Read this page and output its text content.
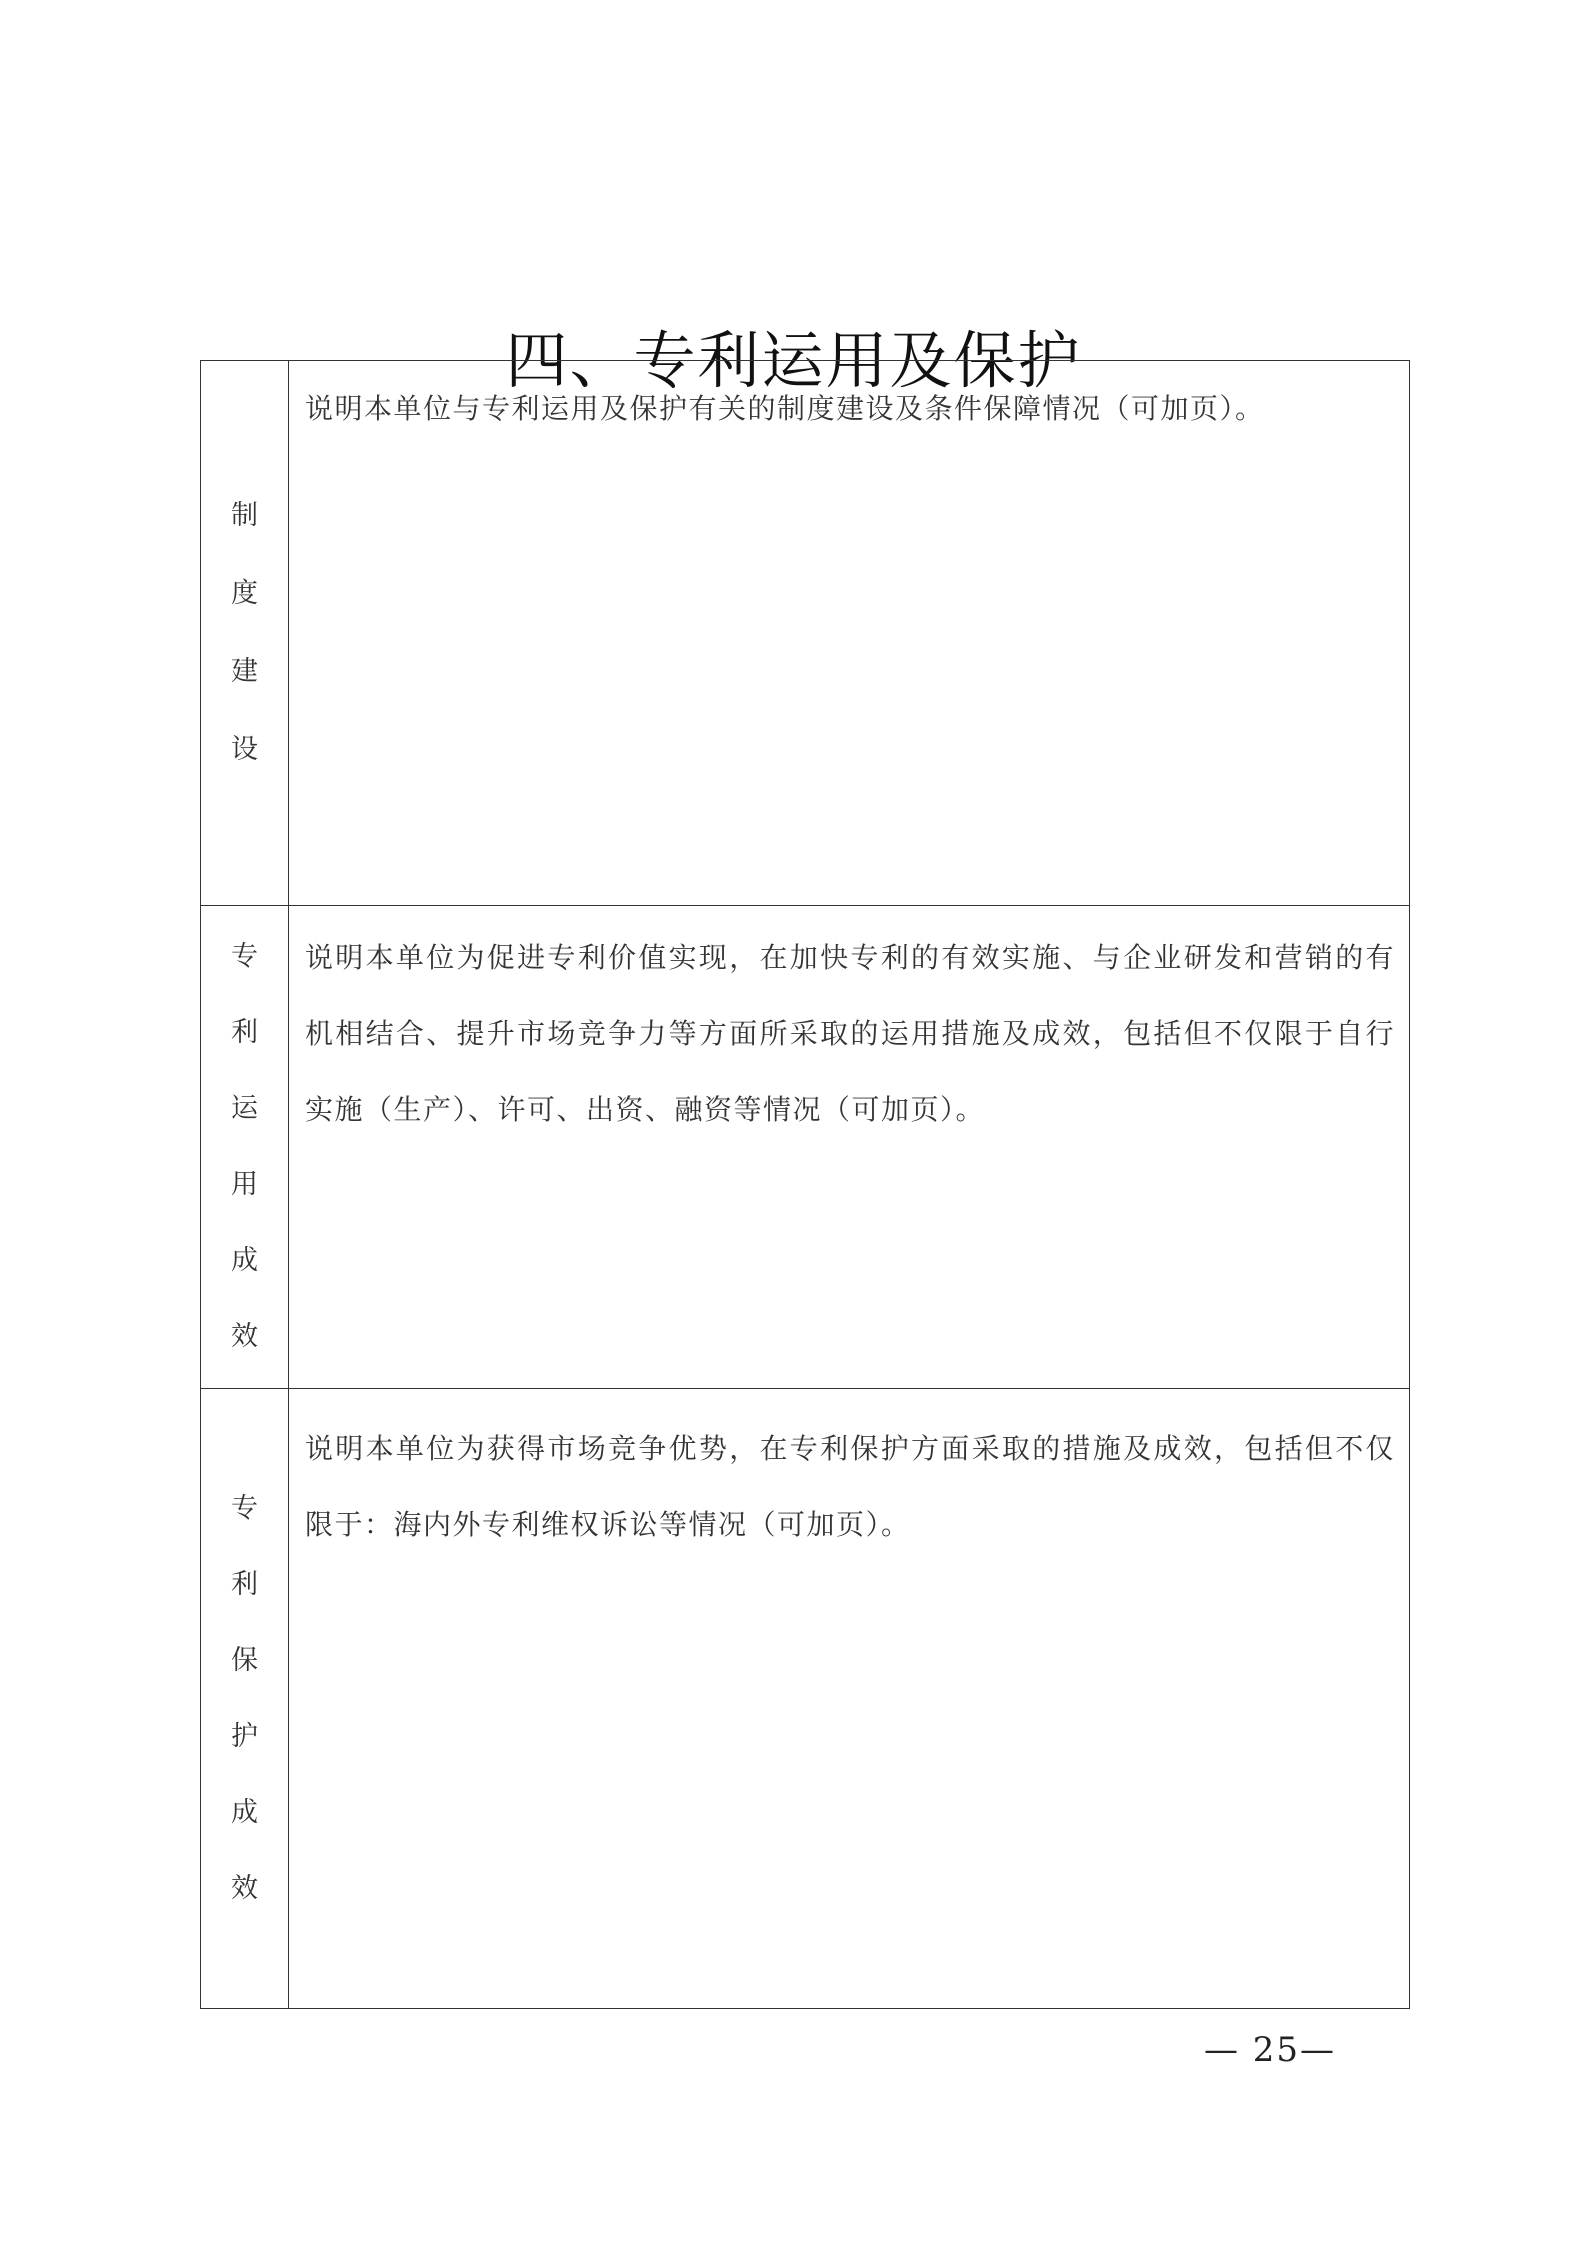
四、专利运用及保护
制度建设	说明本单位与专利运用及保护有关的制度建设及条件保障情况（可加页）。
专利运用成效	说明本单位为促进专利价值实现，在加快专利的有效实施、与企业研发和营销的有机相结合、提升市场竞争力等方面所采取的运用措施及成效，包括但不仅限于自行实施（生产）、许可、出资、融资等情况（可加页）。
专利保护成效	说明本单位为获得市场竞争优势，在专利保护方面采取的措施及成效，包括但不仅限于：海内外专利维权诉讼等情况（可加页）。
— 25—
